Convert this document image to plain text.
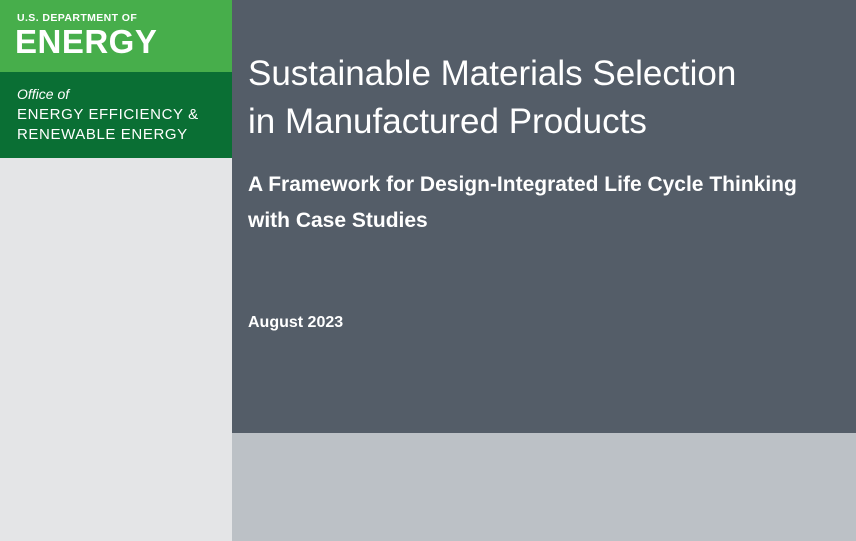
U.S. DEPARTMENT OF
ENERGY
Office of
ENERGY EFFICIENCY &
RENEWABLE ENERGY
Sustainable Materials Selection
in Manufactured Products
A Framework for Design-Integrated Life Cycle Thinking
with Case Studies
August 2023
